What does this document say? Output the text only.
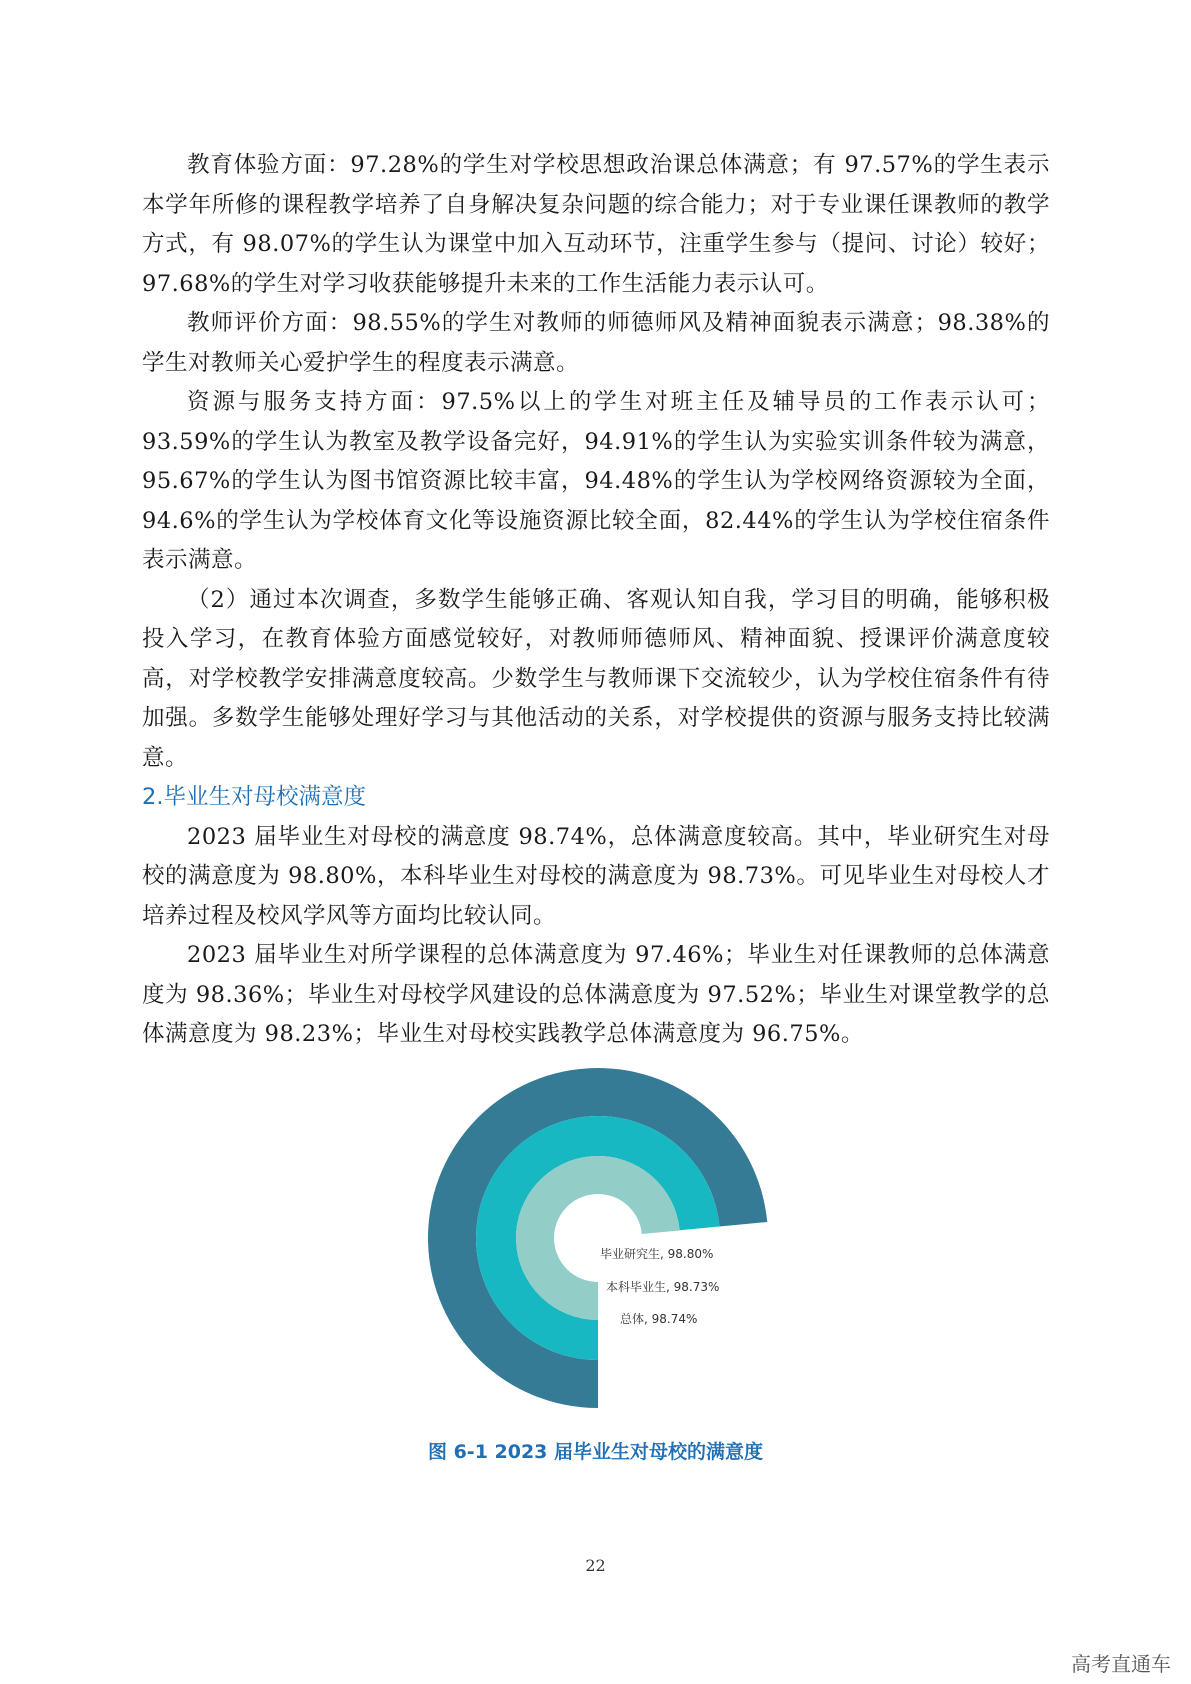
教育体验方面：97.28%的学生对学校思想政治课总体满意；有 97.57%的学生表示本学年所修的课程教学培养了自身解决复杂问题的综合能力；对于专业课任课教师的教学方式，有 98.07%的学生认为课堂中加入互动环节，注重学生参与（提问、讨论）较好；97.68%的学生对学习收获能够提升未来的工作生活能力表示认可。

教师评价方面：98.55%的学生对教师的师德师风及精神面貌表示满意；98.38%的学生对教师关心爱护学生的程度表示满意。

资源与服务支持方面：97.5%以上的学生对班主任及辅导员的工作表示认可；93.59%的学生认为教室及教学设备完好，94.91%的学生认为实验实训条件较为满意，95.67%的学生认为图书馆资源比较丰富，94.48%的学生认为学校网络资源较为全面，94.6%的学生认为学校体育文化等设施资源比较全面，82.44%的学生认为学校住宿条件表示满意。

（2）通过本次调查，多数学生能够正确、客观认知自我，学习目的明确，能够积极投入学习，在教育体验方面感觉较好，对教师师德师风、精神面貌、授课评价满意度较高，对学校教学安排满意度较高。少数学生与教师课下交流较少，认为学校住宿条件有待加强。多数学生能够处理好学习与其他活动的关系，对学校提供的资源与服务支持比较满意。

2.毕业生对母校满意度

2023 届毕业生对母校的满意度 98.74%，总体满意度较高。其中，毕业研究生对母校的满意度为 98.80%，本科毕业生对母校的满意度为 98.73%。可见毕业生对母校人才培养过程及校风学风等方面均比较认同。

2023 届毕业生对所学课程的总体满意度为 97.46%；毕业生对任课教师的总体满意度为 98.36%；毕业生对母校学风建设的总体满意度为 97.52%；毕业生对课堂教学的总体满意度为 98.23%；毕业生对母校实践教学总体满意度为 96.75%。

总体, 98.74%
本科毕业生, 98.73%
毕业研究生, 98.80%
图 6-1 2023 届毕业生对母校的满意度
22
高考直通车
